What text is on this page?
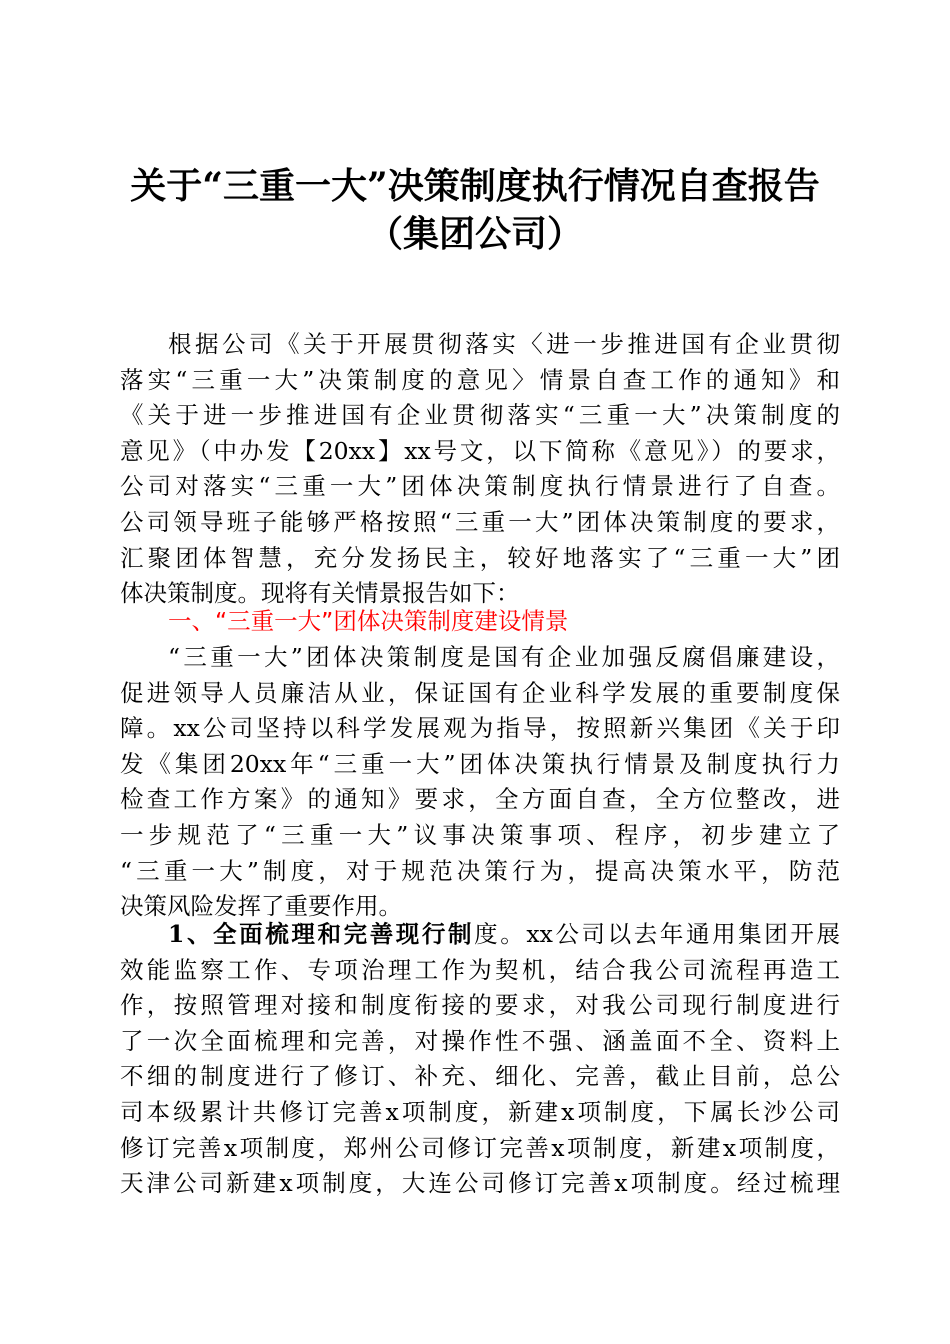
关于“三重一大”决策制度执行情况自查报告
（集团公司）
根据公司《关于开展贯彻落实〈进一步推进国有企业贯彻
落实“三重一大”决策制度的意见〉情景自查工作的通知》和
《关于进一步推进国有企业贯彻落实“三重一大”决策制度的
意见》（中办发【20xx】xx号文，以下简称《意见》）的要求，
公司对落实“三重一大”团体决策制度执行情景进行了自查。
公司领导班子能够严格按照“三重一大”团体决策制度的要求，
汇聚团体智慧，充分发扬民主，较好地落实了“三重一大”团
体决策制度。现将有关情景报告如下：
一、“三重一大”团体决策制度建设情景
“三重一大”团体决策制度是国有企业加强反腐倡廉建设，
促进领导人员廉洁从业，保证国有企业科学发展的重要制度保
障。xx公司坚持以科学发展观为指导，按照新兴集团《关于印
发《集团20xx年“三重一大”团体决策执行情景及制度执行力
检查工作方案》的通知》要求，全方面自查，全方位整改，进
一步规范了“三重一大”议事决策事项、程序，初步建立了
“三重一大”制度，对于规范决策行为，提高决策水平，防范
决策风险发挥了重要作用。
1、全面梳理和完善现行制度。xx公司以去年通用集团开展
效能监察工作、专项治理工作为契机，结合我公司流程再造工
作，按照管理对接和制度衔接的要求，对我公司现行制度进行
了一次全面梳理和完善，对操作性不强、涵盖面不全、资料上
不细的制度进行了修订、补充、细化、完善，截止目前，总公
司本级累计共修订完善x项制度，新建x项制度，下属长沙公司
修订完善x项制度，郑州公司修订完善x项制度，新建x项制度，
天津公司新建x项制度，大连公司修订完善x项制度。经过梳理
